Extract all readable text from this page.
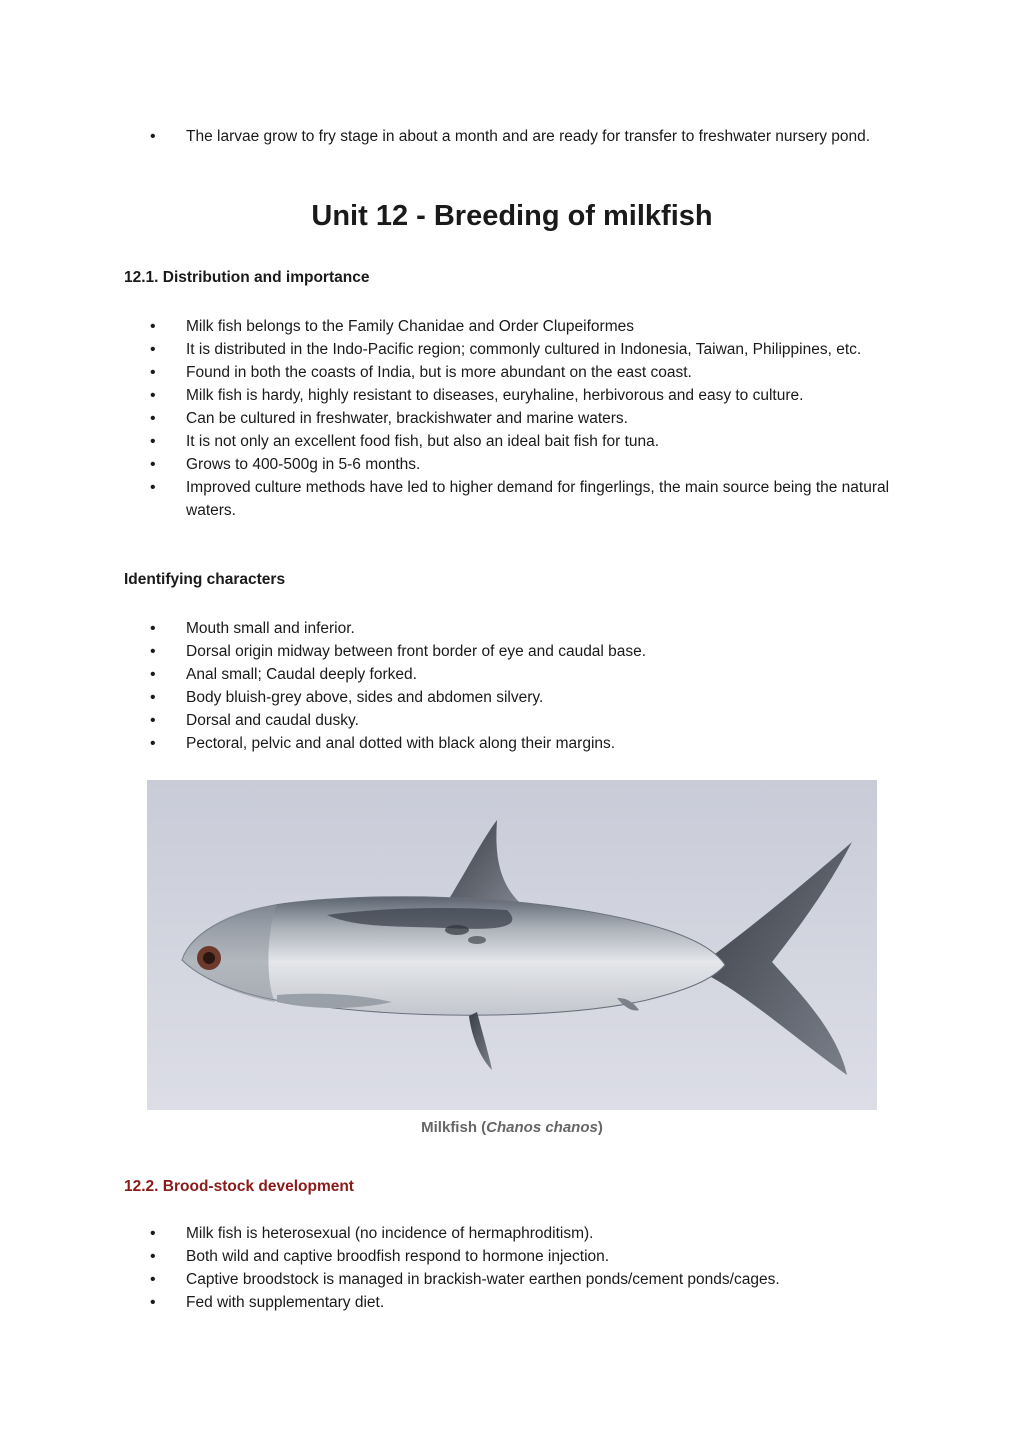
• The larvae grow to fry stage in about a month and are ready for transfer to freshwater nursery pond.
Unit 12 - Breeding of milkfish
12.1. Distribution and importance
• Milk fish belongs to the Family Chanidae and Order Clupeiformes
• It is distributed in the Indo-Pacific region; commonly cultured in Indonesia, Taiwan, Philippines, etc.
• Found in both the coasts of India, but is more abundant on the east coast.
• Milk fish is hardy, highly resistant to diseases, euryhaline, herbivorous and easy to culture.
• Can be cultured in freshwater, brackishwater and marine waters.
• It is not only an excellent food fish, but also an ideal bait fish for tuna.
• Grows to 400-500g in 5-6 months.
• Improved culture methods have led to higher demand for fingerlings, the main source being the natural waters.
Identifying characters
• Mouth small and inferior.
• Dorsal origin midway between front border of eye and caudal base.
• Anal small; Caudal deeply forked.
• Body bluish-grey above, sides and abdomen silvery.
• Dorsal and caudal dusky.
• Pectoral, pelvic and anal dotted with black along their margins.
Milkfish (Chanos chanos)
12.2. Brood-stock development
• Milk fish is heterosexual (no incidence of hermaphroditism).
• Both wild and captive broodfish respond to hormone injection.
• Captive broodstock is managed in brackish-water earthen ponds/cement ponds/cages.
• Fed with supplementary diet.
